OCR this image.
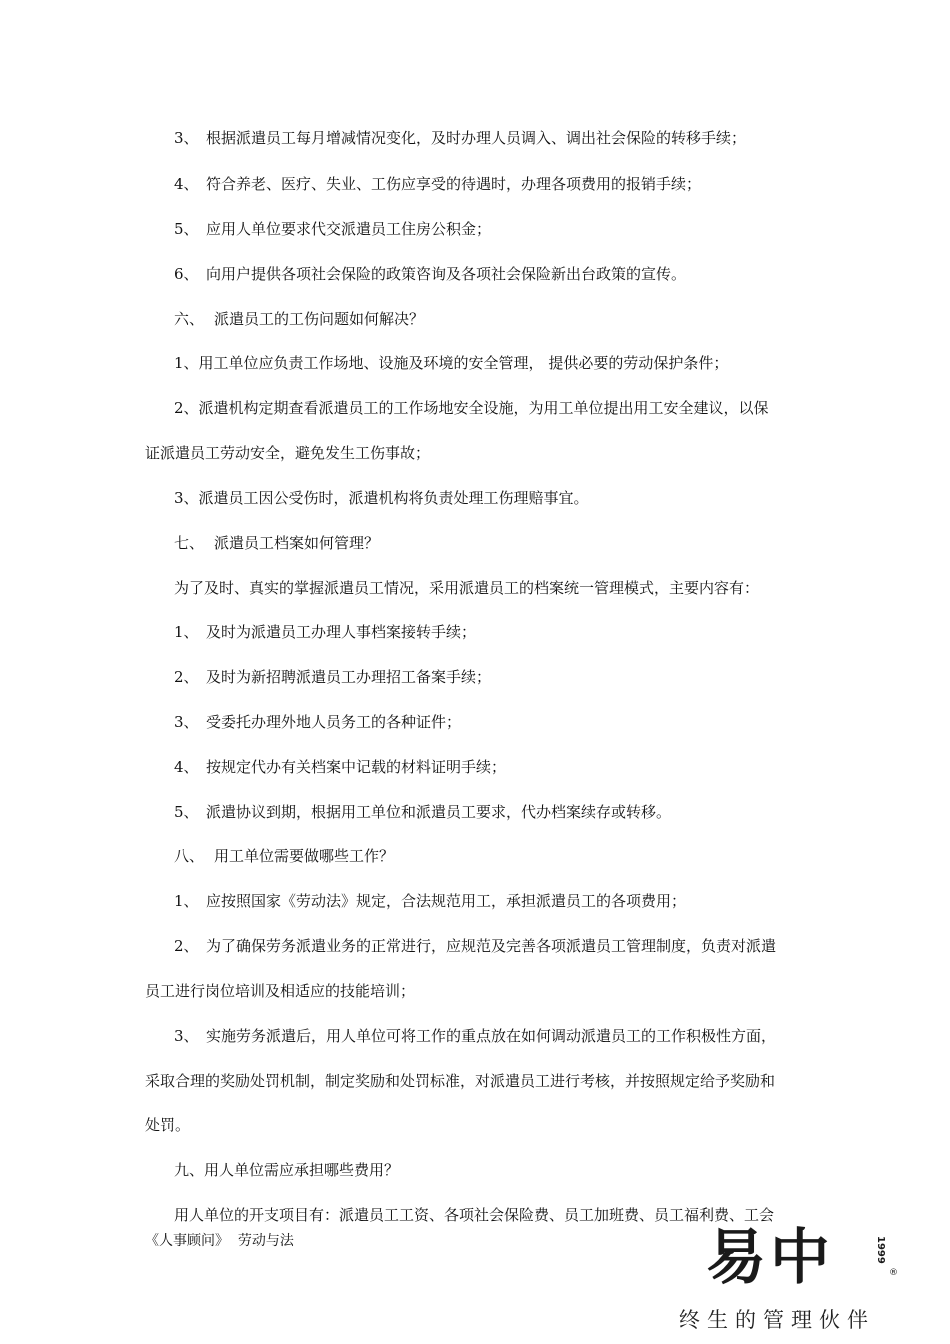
3、 根据派遣员工每月增减情况变化，及时办理人员调入、调出社会保险的转移手续；
4、 符合养老、医疗、失业、工伤应享受的待遇时，办理各项费用的报销手续；
5、 应用人单位要求代交派遣员工住房公积金；
6、 向用户提供各项社会保险的政策咨询及各项社会保险新出台政策的宣传。
六、 派遣员工的工伤问题如何解决？
1、用工单位应负责工作场地、设施及环境的安全管理， 提供必要的劳动保护条件；
2、派遣机构定期查看派遣员工的工作场地安全设施，为用工单位提出用工安全建议，以保
证派遣员工劳动安全，避免发生工伤事故；
3、派遣员工因公受伤时，派遣机构将负责处理工伤理赔事宜。
七、 派遣员工档案如何管理？
为了及时、真实的掌握派遣员工情况，采用派遣员工的档案统一管理模式，主要内容有：
1、 及时为派遣员工办理人事档案接转手续；
2、 及时为新招聘派遣员工办理招工备案手续；
3、 受委托办理外地人员务工的各种证件；
4、 按规定代办有关档案中记载的材料证明手续；
5、 派遣协议到期，根据用工单位和派遣员工要求，代办档案续存或转移。
八、 用工单位需要做哪些工作？
1、 应按照国家《劳动法》规定，合法规范用工，承担派遣员工的各项费用；
2、 为了确保劳务派遣业务的正常进行，应规范及完善各项派遣员工管理制度，负责对派遣
员工进行岗位培训及相适应的技能培训；
3、 实施劳务派遣后，用人单位可将工作的重点放在如何调动派遣员工的工作积极性方面，
采取合理的奖励处罚机制，制定奖励和处罚标准，对派遣员工进行考核，并按照规定给予奖励和
处罚。
九、用人单位需应承担哪些费用？
用人单位的开支项目有：派遣员工工资、各项社会保险费、员工加班费、员工福利费、工会
《人事顾问》  劳动与法	易中	1999
®
终生的管理伙伴
